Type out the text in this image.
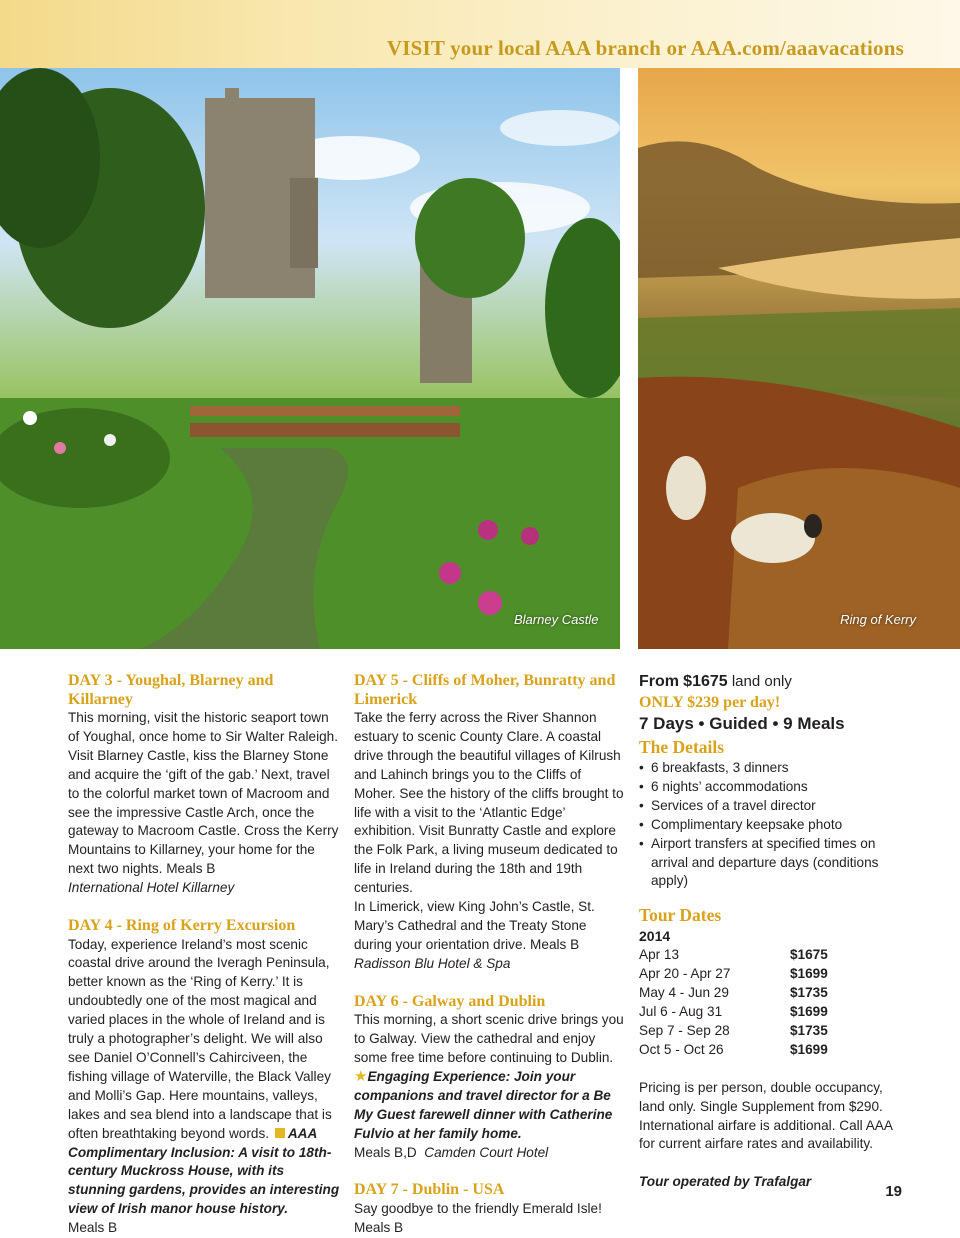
VISIT your local AAA branch or AAA.com/aaavacations
Blarney Castle	Ring of Kerry

DAY 3 - Youghal, Blarney and Killarney

This morning, visit the historic seaport town of Youghal, once home to Sir Walter Raleigh. Visit Blarney Castle, kiss the Blarney Stone and acquire the ‘gift of the gab.’ Next, travel to the colorful market town of Macroom and see the impressive Castle Arch, once the gateway to Macroom Castle. Cross the Kerry Mountains to Killarney, your home for the next two nights. Meals B

International Hotel Killarney

DAY 4 - Ring of Kerry Excursion

Today, experience Ireland’s most scenic coastal drive around the Iveragh Peninsula, better known as the ‘Ring of Kerry.’ It is undoubtedly one of the most magical and varied places in the whole of Ireland and is truly a photographer’s delight. We will also see Daniel O’Connell’s Cahirciveen, the fishing village of Waterville, the Black Valley and Molli’s Gap. Here mountains, valleys, lakes and sea blend into a landscape that is often breathtaking beyond words. AAA Complimentary Inclusion: A visit to 18th-century Muckross House, with its stunning gardens, provides an interesting view of Irish manor house history.

Meals B

DAY 5 - Cliffs of Moher, Bunratty and Limerick

Take the ferry across the River Shannon estuary to scenic County Clare. A coastal drive through the beautiful villages of Kilrush and Lahinch brings you to the Cliffs of Moher. See the history of the cliffs brought to life with a visit to the ‘Atlantic Edge’ exhibition. Visit Bunratty Castle and explore the Folk Park, a living museum dedicated to life in Ireland during the 18th and 19th centuries.

In Limerick, view King John’s Castle, St. Mary’s Cathedral and the Treaty Stone during your orientation drive. Meals B

Radisson Blu Hotel & Spa

DAY 6 - Galway and Dublin

This morning, a short scenic drive brings you to Galway. View the cathedral and enjoy some free time before continuing to Dublin. ★Engaging Experience: Join your companions and travel director for a Be My Guest farewell dinner with Catherine Fulvio at her family home.

Meals B,D Camden Court Hotel

DAY 7 - Dublin - USA

Say goodbye to the friendly Emerald Isle! Meals B

From $1675 land only

ONLY $239 per day!

7 Days • Guided • 9 Meals

The Details

• 6 breakfasts, 3 dinners
• 6 nights’ accommodations
• Services of a travel director
• Complimentary keepsake photo
• Airport transfers at specified times on arrival and departure days (conditions apply)

Tour Dates

2014

Apr 13	$1675
Apr 20 - Apr 27	$1699
May 4 - Jun 29	$1735
Jul 6 - Aug 31	$1699
Sep 7 - Sep 28	$1735
Oct 5 - Oct 26	$1699

Pricing is per person, double occupancy, land only. Single Supplement from $290. International airfare is additional. Call AAA for current airfare rates and availability.

Tour operated by Trafalgar

19
